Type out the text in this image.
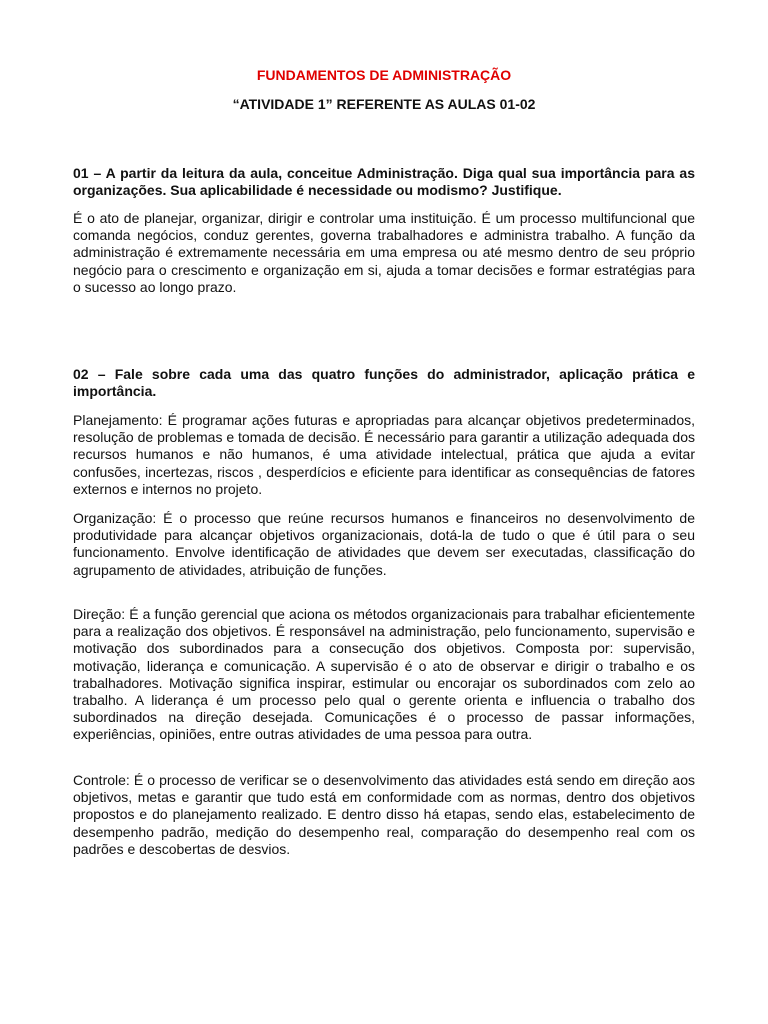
FUNDAMENTOS DE ADMINISTRAÇÃO
“ATIVIDADE 1” REFERENTE AS AULAS 01-02

01 – A partir da leitura da aula, conceitue Administração. Diga qual sua importância para as organizações. Sua aplicabilidade é necessidade ou modismo? Justifique.

É o ato de planejar, organizar, dirigir e controlar uma instituição. É um processo multifuncional que comanda negócios, conduz gerentes, governa trabalhadores e administra trabalho. A função da administração é extremamente necessária em uma empresa ou até mesmo dentro de seu próprio negócio para o crescimento e organização em si, ajuda a tomar decisões e formar estratégias para o sucesso ao longo prazo.

02 – Fale sobre cada uma das quatro funções do administrador, aplicação prática e importância.

Planejamento: É programar ações futuras e apropriadas para alcançar objetivos predeterminados, resolução de problemas e tomada de decisão. É necessário para garantir a utilização adequada dos recursos humanos e não humanos, é uma atividade intelectual, prática que ajuda a evitar confusões, incertezas, riscos , desperdícios e eficiente para identificar as consequências de fatores externos e internos no projeto.

Organização: É o processo que reúne recursos humanos e financeiros no desenvolvimento de produtividade para alcançar objetivos organizacionais, dotá-la de tudo o que é útil para o seu funcionamento. Envolve identificação de atividades que devem ser executadas, classificação do agrupamento de atividades, atribuição de funções.

Direção: É a função gerencial que aciona os métodos organizacionais para trabalhar eficientemente para a realização dos objetivos. É responsável na administração, pelo funcionamento, supervisão e motivação dos subordinados para a consecução dos objetivos. Composta por: supervisão, motivação, liderança e comunicação. A supervisão é o ato de observar e dirigir o trabalho e os trabalhadores. Motivação significa inspirar, estimular ou encorajar os subordinados com zelo ao trabalho. A liderança é um processo pelo qual o gerente orienta e influencia o trabalho dos subordinados na direção desejada. Comunicações é o processo de passar informações, experiências, opiniões, entre outras atividades de uma pessoa para outra.

Controle: É o processo de verificar se o desenvolvimento das atividades está sendo em direção aos objetivos, metas e garantir que tudo está em conformidade com as normas, dentro dos objetivos propostos e do planejamento realizado. E dentro disso há etapas, sendo elas, estabelecimento de desempenho padrão, medição do desempenho real, comparação do desempenho real com os padrões e descobertas de desvios.
